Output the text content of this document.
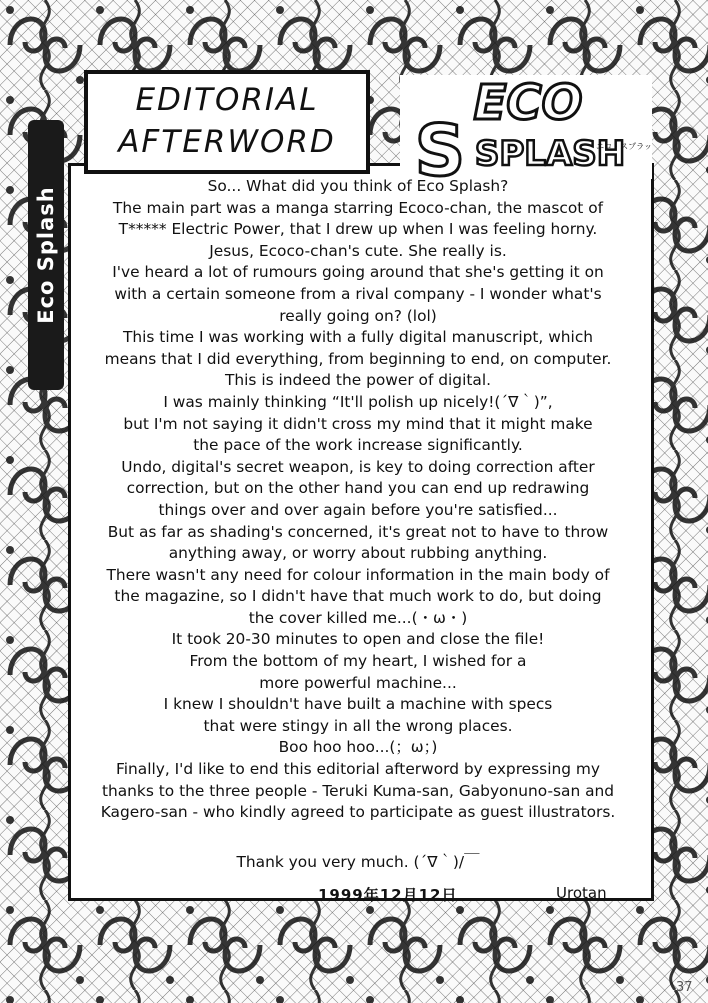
Eco Splash
EDITORIAL
AFTERWORD
ECO
S SPLASH
エコ・スプラッ

So... What did you think of Eco Splash?

The main part was a manga starring Ecoco-chan, the mascot of

T***** Electric Power, that I drew up when I was feeling horny.

Jesus, Ecoco-chan's cute. She really is.

I've heard a lot of rumours going around that she's getting it on

with a certain someone from a rival company - I wonder what's

really going on? (lol)

This time I was working with a fully digital manuscript, which

means that I did everything, from beginning to end, on computer.

This is indeed the power of digital.

I was mainly thinking “It'll polish up nicely!(´∇｀)”,

but I'm not saying it didn't cross my mind that it might make

the pace of the work increase significantly.

Undo, digital's secret weapon, is key to doing correction after

correction, but on the other hand you can end up redrawing

things over and over again before you're satisfied...

But as far as shading's concerned, it's great not to have to throw

anything away, or worry about rubbing anything.

There wasn't any need for colour information in the main body of

the magazine, so I didn't have that much work to do, but doing

the cover killed me...(・ω・)

It took 20-30 minutes to open and close the file!

From the bottom of my heart, I wished for a

more powerful machine...

I knew I shouldn't have built a machine with specs

that were stingy in all the wrong places.

Boo hoo hoo...(；ω；)

Finally, I'd like to end this editorial afterword by expressing my

thanks to the three people - Teruki Kuma-san, Gabyonuno-san and

Kagero-san - who kindly agreed to participate as guest illustrators.

Thank you very much. (´∇｀)/￣
1999年12月12日	Urotan
37
